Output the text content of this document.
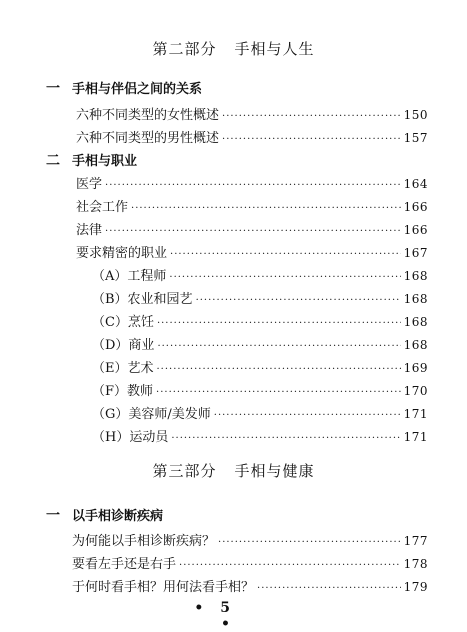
第二部分 手相与人生
一 手相与伴侣之间的关系
六种不同类型的女性概述 ·····	150
六种不同类型的男性概述 ·····	157
二 手相与职业
医学 ·····	164
社会工作 ·····	166
法律 ·····	166
要求精密的职业 ·····	167
（A）工程师 ·····	168
（B）农业和园艺 ·····	168
（C）烹饪 ·····	168
（D）商业 ·····	168
（E）艺术 ·····	169
（F）教师 ·····	170
（G）美容师/美发师 ·····	171
（H）运动员 ·····	171
第三部分 手相与健康
一 以手相诊断疾病
为何能以手相诊断疾病？ ·····	177
要看左手还是右手 ·····	178
于何时看手相？用何法看手相？ ·····	179
• 5 •
